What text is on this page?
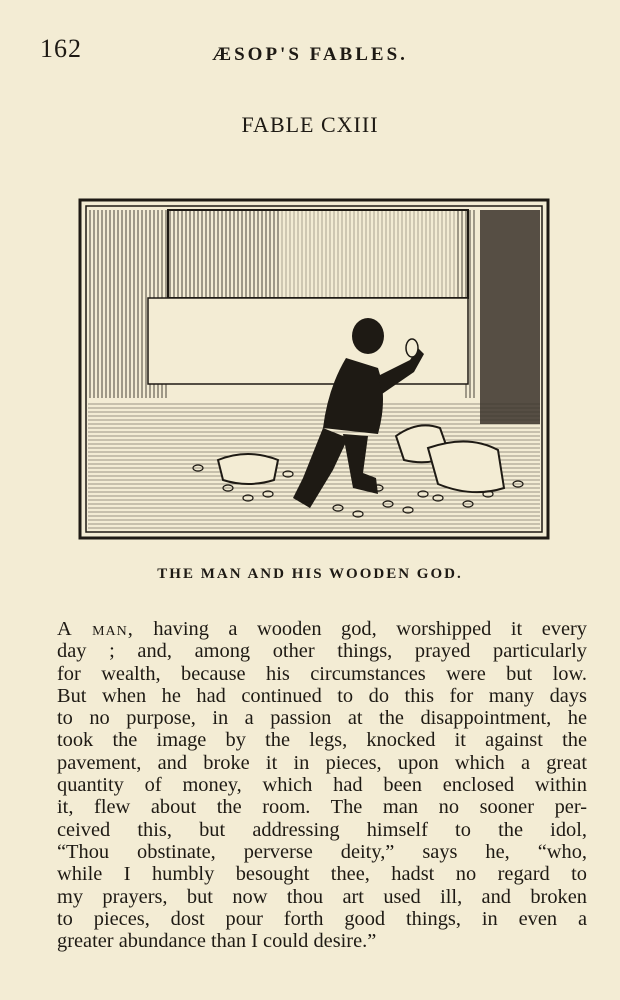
162	ÆSOP'S FABLES.
FABLE CXIII
THE MAN AND HIS WOODEN GOD.
A man, having a wooden god, worshipped it every
day ; and, among other things, prayed particularly
for wealth, because his circumstances were but low.
But when he had continued to do this for many days
to no purpose, in a passion at the disappointment, he
took the image by the legs, knocked it against the
pavement, and broke it in pieces, upon which a great
quantity of money, which had been enclosed within
it, flew about the room. The man no sooner per-
ceived this, but addressing himself to the idol,
“Thou obstinate, perverse deity,” says he, “who,
while I humbly besought thee, hadst no regard to
my prayers, but now thou art used ill, and broken
to pieces, dost pour forth good things, in even a
greater abundance than I could desire.”
